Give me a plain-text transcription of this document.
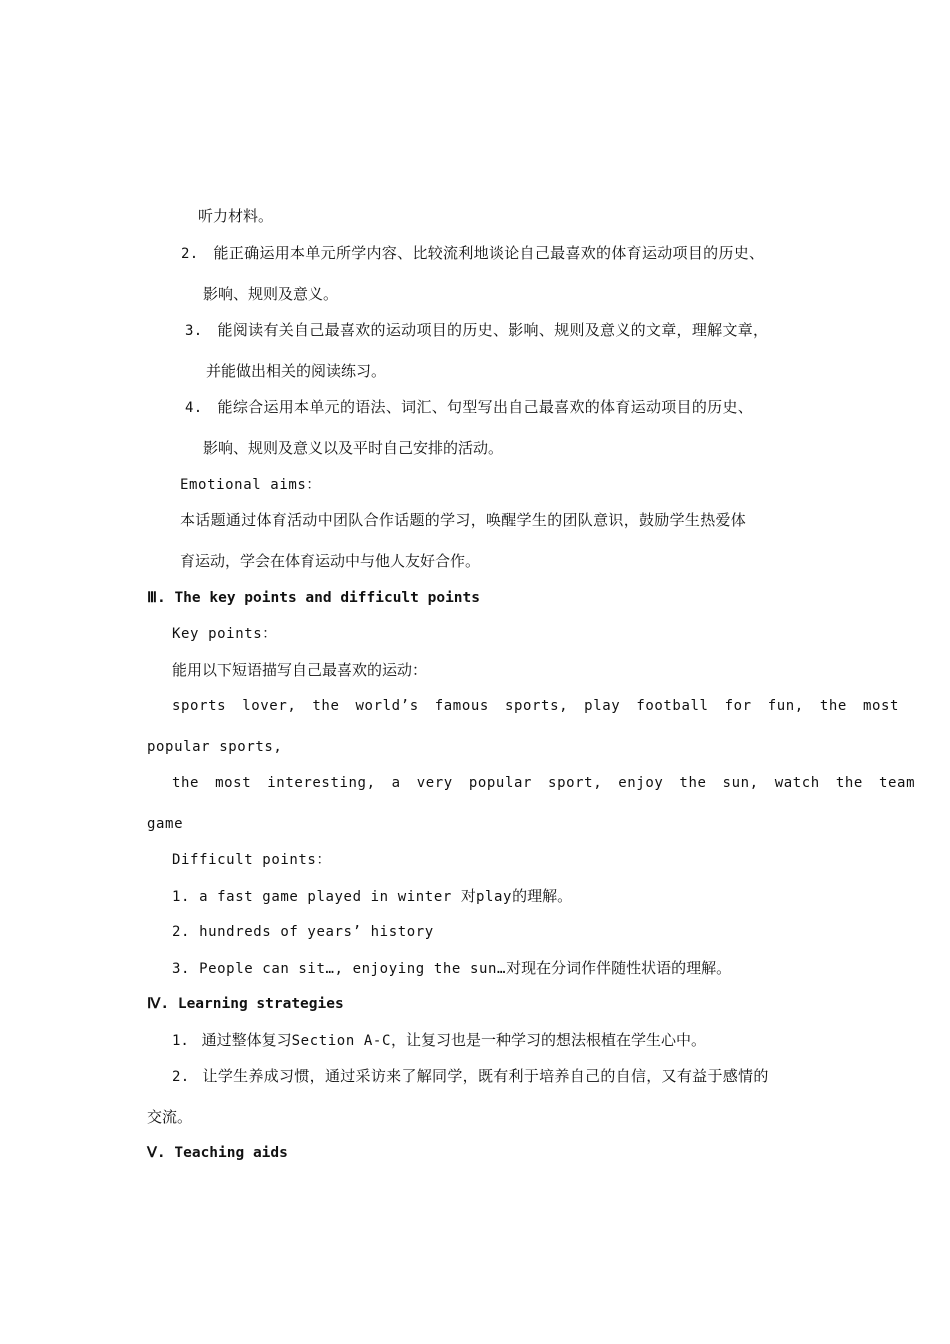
听力材料。
2. 能正确运用本单元所学内容、比较流利地谈论自己最喜欢的体育运动项目的历史、
影响、规则及意义。
3. 能阅读有关自己最喜欢的运动项目的历史、影响、规则及意义的文章，理解文章，
并能做出相关的阅读练习。
4. 能综合运用本单元的语法、词汇、句型写出自己最喜欢的体育运动项目的历史、
影响、规则及意义以及平时自己安排的活动。
Emotional aims：
本话题通过体育活动中团队合作话题的学习，唤醒学生的团队意识，鼓励学生热爱体
育运动，学会在体育运动中与他人友好合作。
Ⅲ. The key points and difficult points
Key points：
能用以下短语描写自己最喜欢的运动：
sports lover, the world’s famous sports, play football for fun, the most
popular sports,
the most interesting, a very popular sport, enjoy the sun, watch the team
game
Difficult points：
1. a fast game played in winter 对play的理解。
2. hundreds of years’ history
3. People can sit…, enjoying the sun…对现在分词作伴随性状语的理解。
Ⅳ. Learning strategies
1. 通过整体复习Section A-C，让复习也是一种学习的想法根植在学生心中。
2. 让学生养成习惯，通过采访来了解同学，既有利于培养自己的自信，又有益于感情的
交流。
Ⅴ. Teaching aids
